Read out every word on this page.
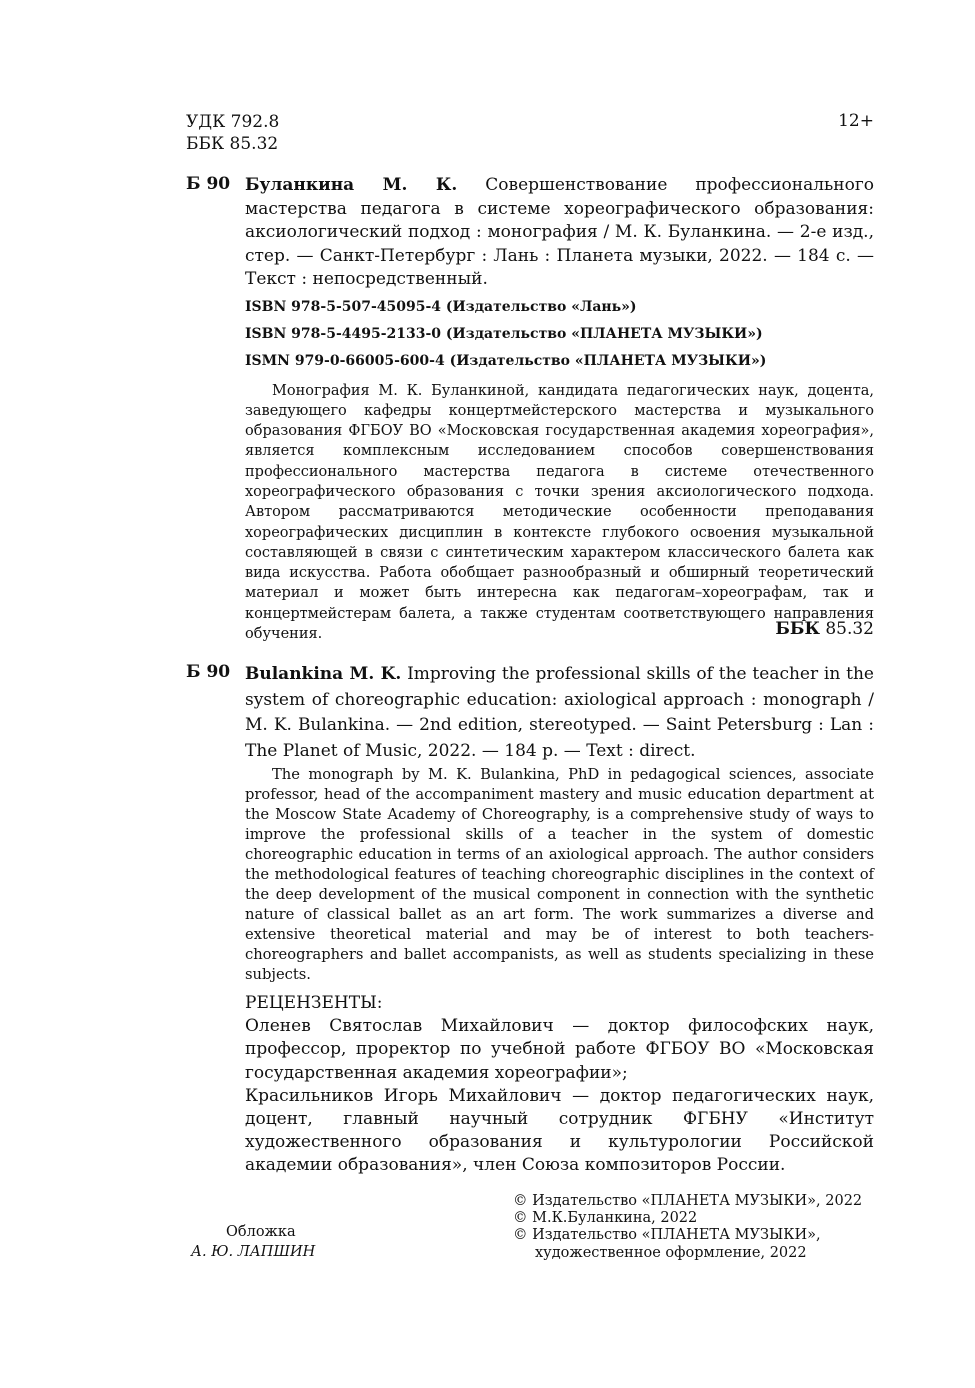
УДК 792.8
ББК 85.32
12+
Б 90 Буланкина М. К. Совершенствование профессионального мастерства педагога в системе хореографического образования: аксиологический подход : монография / М. К. Буланкина. — 2-е изд., стер. — Санкт-Петербург : Лань : Планета музыки, 2022. — 184 с. — Текст : непосредственный.

ISBN 978-5-507-45095-4 (Издательство «Лань»)

ISBN 978-5-4495-2133-0 (Издательство «ПЛАНЕТА МУЗЫКИ»)

ISMN 979-0-66005-600-4 (Издательство «ПЛАНЕТА МУЗЫКИ»)

Монография М. К. Буланкиной, кандидата педагогических наук, доцента, заведующего кафедры концертмейстерского мастерства и музыкального образования ФГБОУ ВО «Московская государственная академия хореография», является комплексным исследованием способов совершенствования профессионального мастерства педагога в системе отечественного хореографического образования с точки зрения аксиологического подхода. Автором рассматриваются методические особенности преподавания хореографических дисциплин в контексте глубокого освоения музыкальной составляющей в связи с синтетическим характером классического балета как вида искусства. Работа обобщает разнообразный и обширный теоретический материал и может быть интересна как педагогам–хореографам, так и концертмейстерам балета, а также студентам соответствующего направления обучения.	ББК 85.32
Б 90 Bulankina M. K. Improving the professional skills of the teacher in the system of choreographic education: axiological approach : monograph / M. K. Bulankina. — 2nd edition, stereotyped. — Saint Petersburg : Lan : The Planet of Music, 2022. — 184 p. — Text : direct.

The monograph by M. K. Bulankina, PhD in pedagogical sciences, associate professor, head of the accompaniment mastery and music education department at the Moscow State Academy of Choreography, is a comprehensive study of ways to improve the professional skills of a teacher in the system of domestic choreographic education in terms of an axiological approach. The author considers the methodological features of teaching choreographic disciplines in the context of the deep development of the musical component in connection with the synthetic nature of classical ballet as an art form. The work summarizes a diverse and extensive theoretical material and may be of interest to both teachers-choreographers and ballet accompanists, as well as students specializing in these subjects.

РЕЦЕНЗЕНТЫ:

Оленев Святослав Михайлович — доктор философских наук, профессор, проректор по учебной работе ФГБОУ ВО «Московская государственная академия хореографии»;

Красильников Игорь Михайлович — доктор педагогических наук, доцент, главный научный сотрудник ФГБНУ «Институт художественного образования и культурологии Российской академии образования», член Союза композиторов России.

Обложка
А. Ю. ЛАПШИН
© Издательство «ПЛАНЕТА МУЗЫКИ», 2022
© М.К.Буланкина, 2022
© Издательство «ПЛАНЕТА МУЗЫКИ»,
художественное оформление, 2022
